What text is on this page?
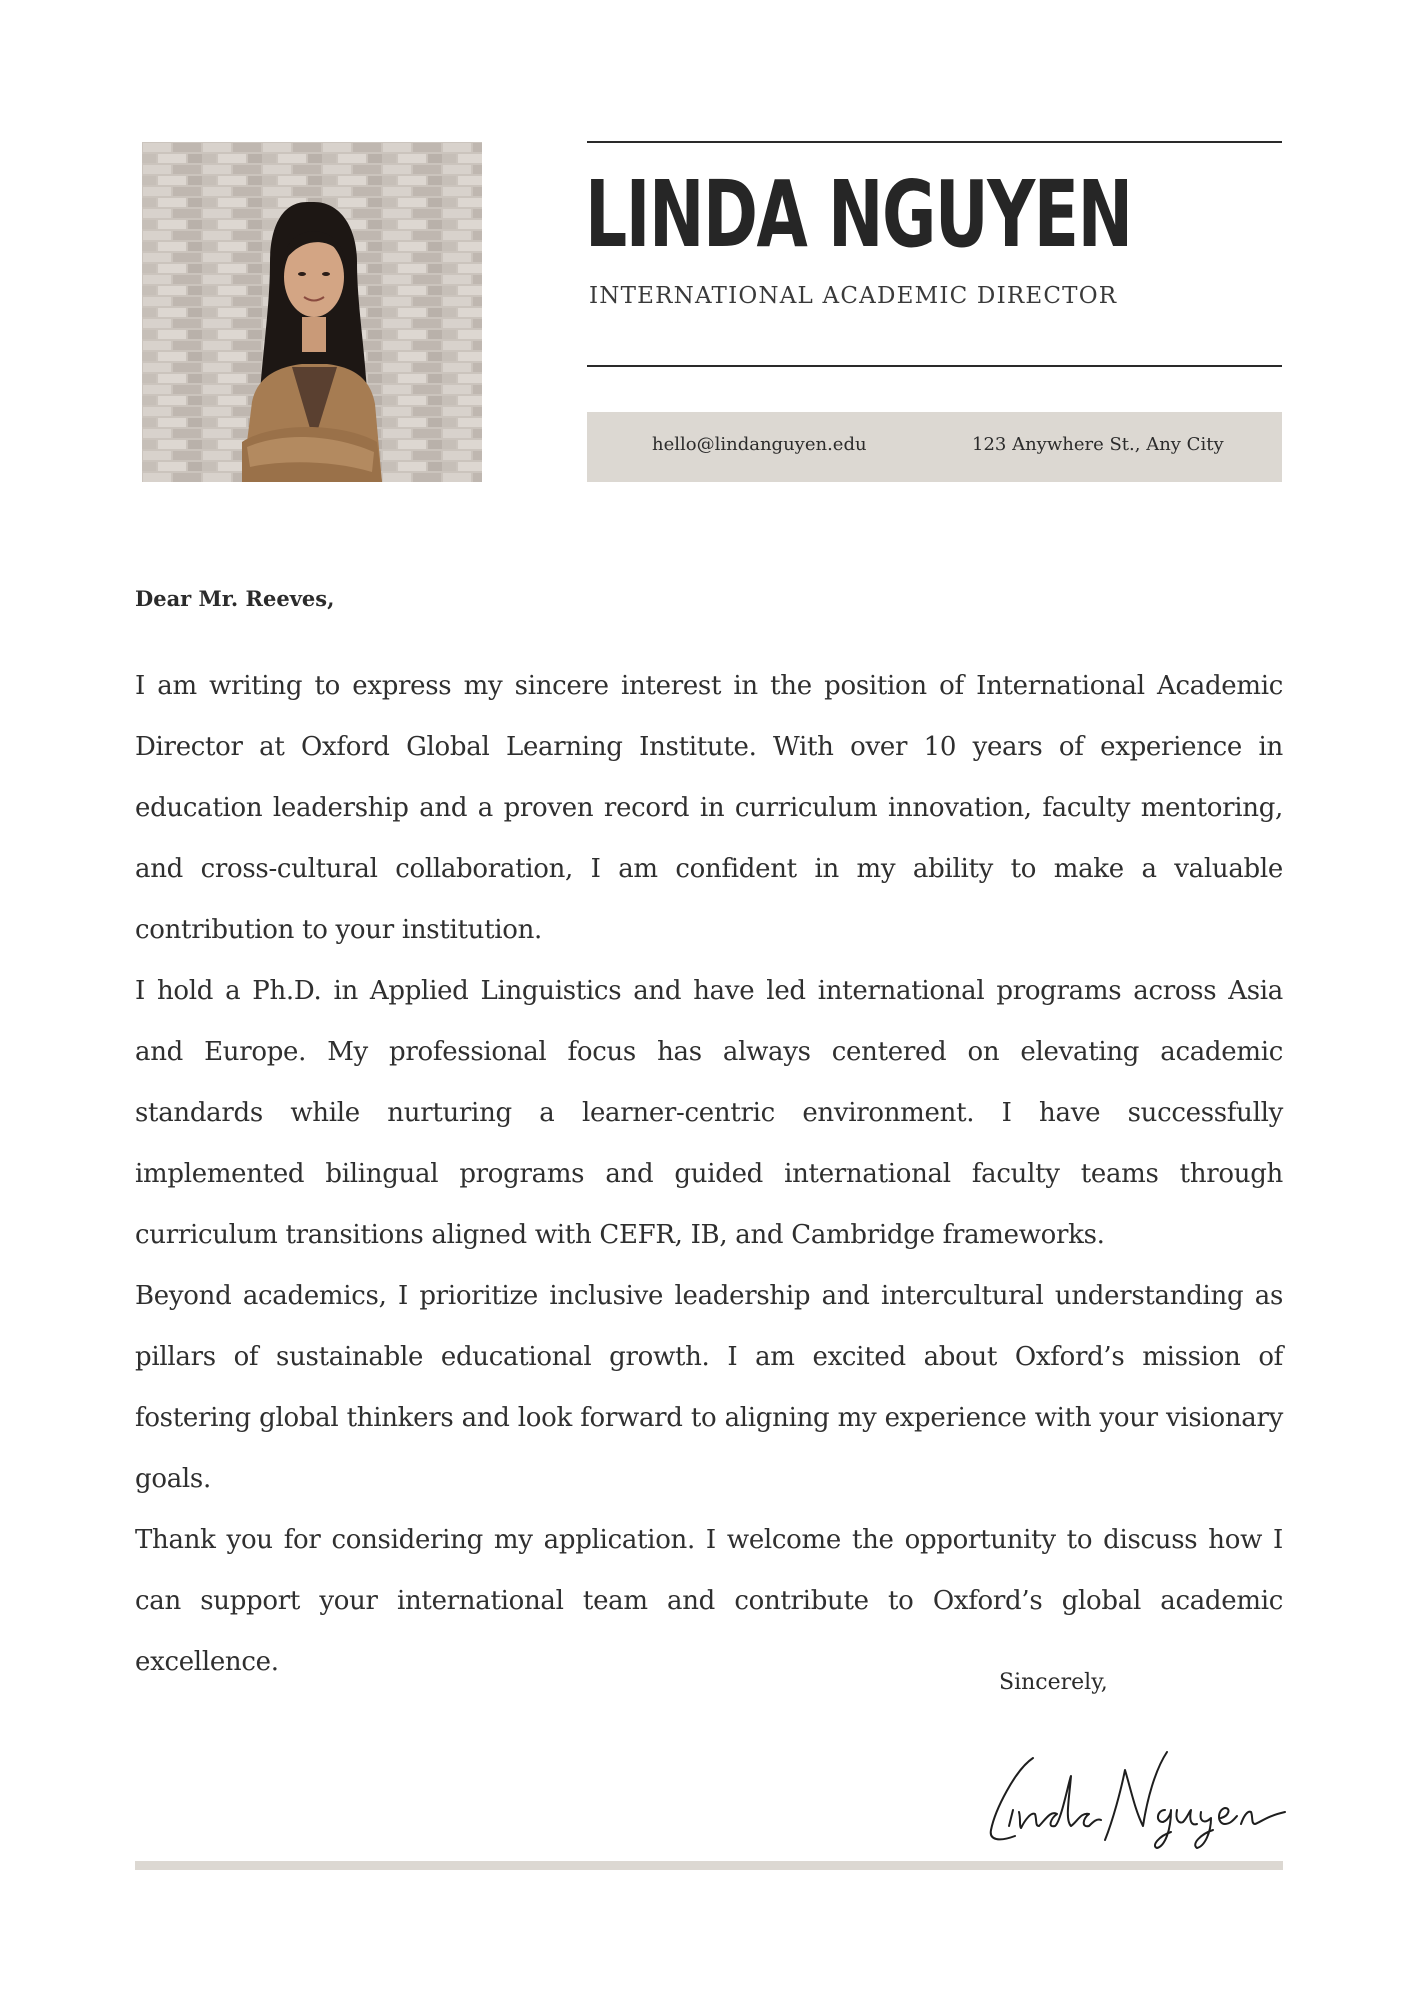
LINDA NGUYEN
INTERNATIONAL ACADEMIC DIRECTOR
hello@lindanguyen.edu	123 Anywhere St., Any City
Dear Mr. Reeves,

I am writing to express my sincere interest in the position of International Academic Director at Oxford Global Learning Institute. With over 10 years of experience in education leadership and a proven record in curriculum innovation, faculty mentoring, and cross-cultural collaboration, I am confident in my ability to make a valuable contribution to your institution.

I hold a Ph.D. in Applied Linguistics and have led international programs across Asia and Europe. My professional focus has always centered on elevating academic standards while nurturing a learner-centric environment. I have successfully implemented bilingual programs and guided international faculty teams through curriculum transitions aligned with CEFR, IB, and Cambridge frameworks.

Beyond academics, I prioritize inclusive leadership and intercultural understanding as pillars of sustainable educational growth. I am excited about Oxford’s mission of fostering global thinkers and look forward to aligning my experience with your visionary goals.

Thank you for considering my application. I welcome the opportunity to discuss how I can support your international team and contribute to Oxford’s global academic excellence.

Sincerely,
